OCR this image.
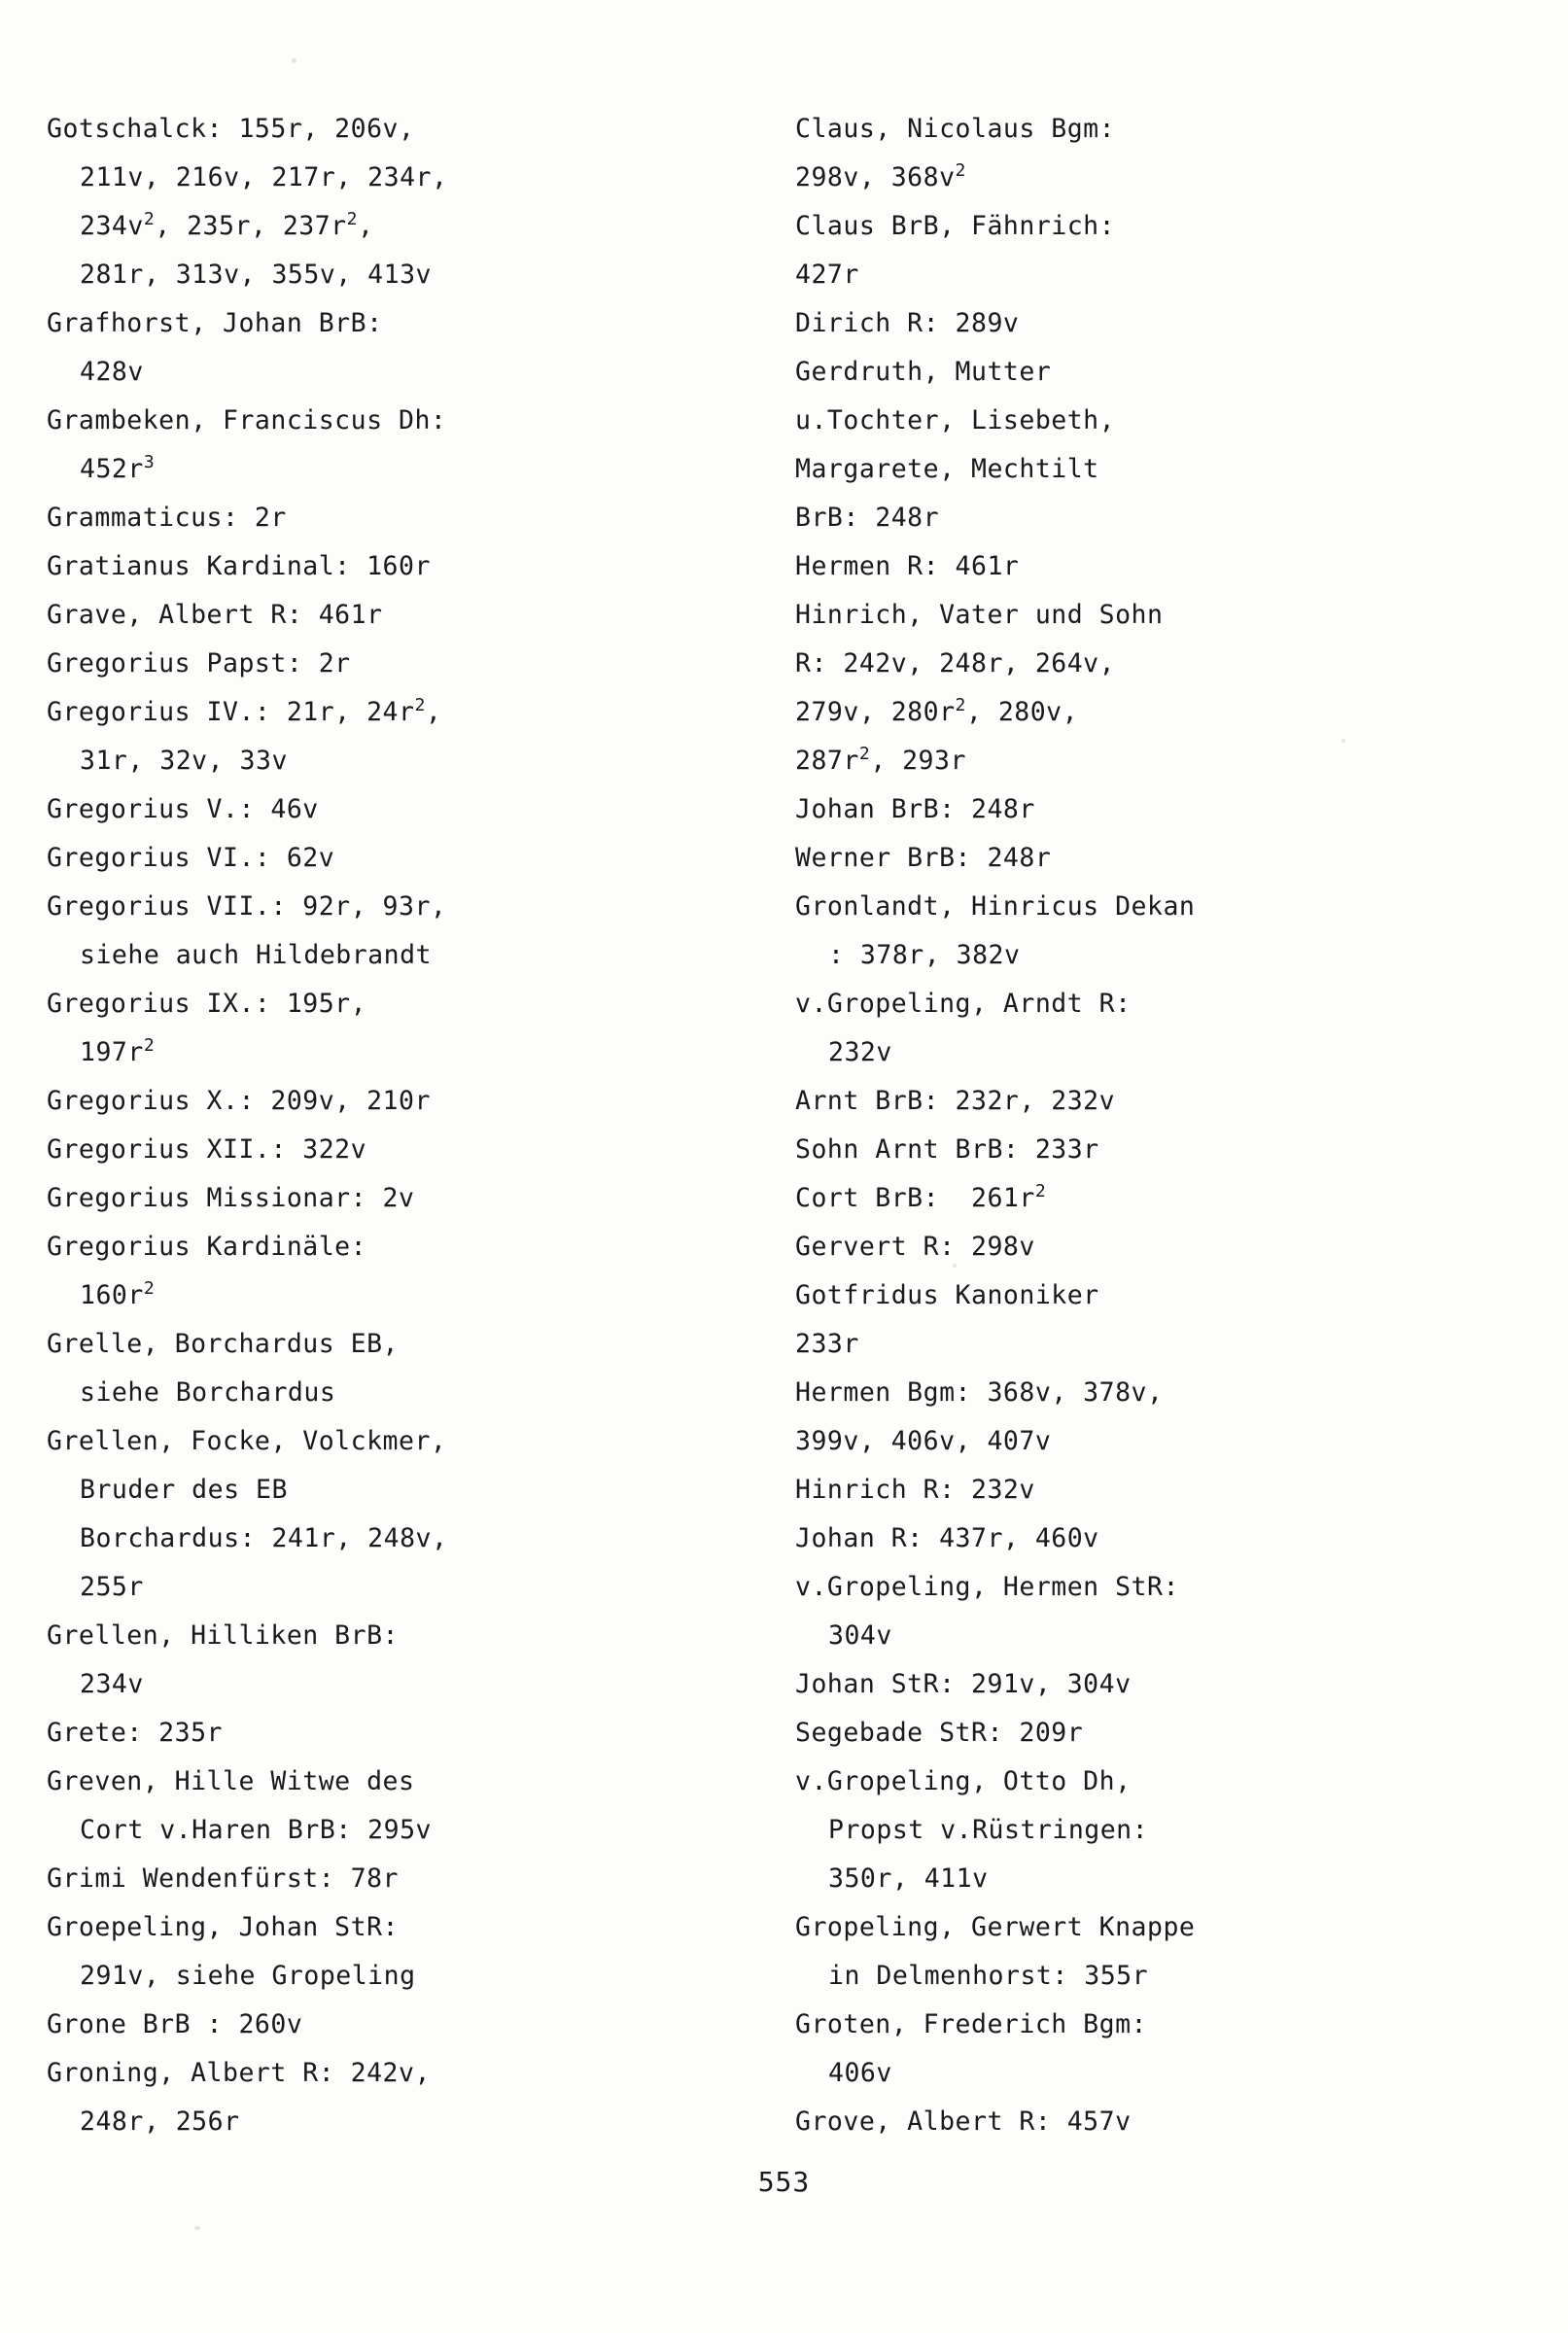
Gotschalck: 155r, 206v,
211v, 216v, 217r, 234r,
$234v^2$, 235r, $237r^2$,
281r, 313v, 355v, 413v
Grafhorst, Johan BrB:
428v
Grambeken, Franciscus Dh:
$452r^3$
Grammaticus: 2r
Gratianus Kardinal: 160r
Grave, Albert R: 461r
Gregorius Papst: 2r
Gregorius IV.: 21r, $24r^2$,
31r, 32v, 33v
Gregorius V.: 46v
Gregorius VI.: 62v
Gregorius VII.: 92r, 93r,
siehe auch Hildebrandt
Gregorius IX.: 195r,
$197r^2$
Gregorius X.: 209v, 210r
Gregorius XII.: 322v
Gregorius Missionar: 2v
Gregorius Kardinäle:
$160r^2$
Grelle, Borchardus EB,
siehe Borchardus
Grellen, Focke, Volckmer,
Bruder des EB
Borchardus: 241r, 248v,
255r
Grellen, Hilliken BrB:
234v
Grete: 235r
Greven, Hille Witwe des
Cort v.Haren BrB: 295v
Grimi Wendenfürst: 78r
Groepeling, Johan StR:
291v, siehe Gropeling
Grone BrB : 260v
Groning, Albert R: 242v,
248r, 256r
Claus, Nicolaus Bgm:
298v, $368v^2$
Claus BrB, Fähnrich:
427r
Dirich R: 289v
Gerdruth, Mutter
u.Tochter, Lisebeth,
Margarete, Mechtilt
BrB: 248r
Hermen R: 461r
Hinrich, Vater und Sohn
R: 242v, 248r, 264v,
279v, $280r^2$, 280v,
$287r^2$, 293r
Johan BrB: 248r
Werner BrB: 248r
Gronlandt, Hinricus Dekan
: 378r, 382v
v.Gropeling, Arndt R:
232v
Arnt BrB: 232r, 232v
Sohn Arnt BrB: 233r
Cort BrB:  $261r^2$
Gervert R: 298v
Gotfridus Kanoniker
233r
Hermen Bgm: 368v, 378v,
399v, 406v, 407v
Hinrich R: 232v
Johan R: 437r, 460v
v.Gropeling, Hermen StR:
304v
Johan StR: 291v, 304v
Segebade StR: 209r
v.Gropeling, Otto Dh,
Propst v.Rüstringen:
350r, 411v
Gropeling, Gerwert Knappe
in Delmenhorst: 355r
Groten, Frederich Bgm:
406v
Grove, Albert R: 457v
553
